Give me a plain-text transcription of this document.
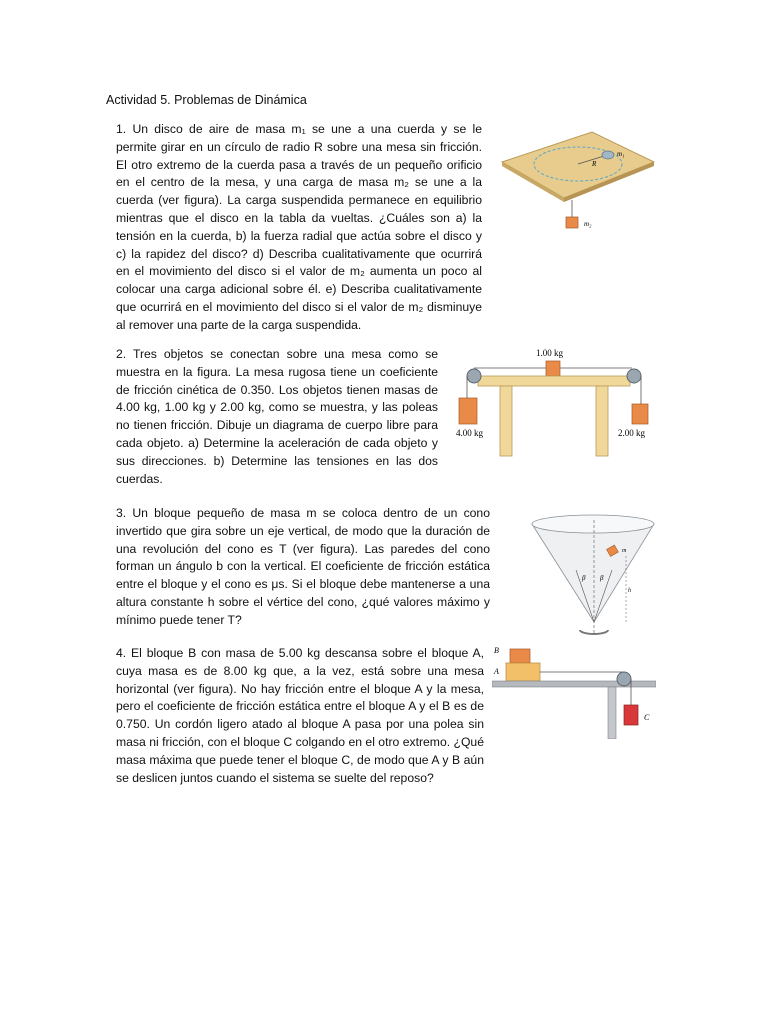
Actividad 5. Problemas de Dinámica

1. Un disco de aire de masa m₁ se une a una cuerda y se le permite girar en un círculo de radio R sobre una mesa sin fricción. El otro extremo de la cuerda pasa a través de un pequeño orificio en el centro de la mesa, y una carga de masa m₂ se une a la cuerda (ver figura). La carga suspendida permanece en equilibrio mientras que el disco en la tabla da vueltas. ¿Cuáles son a) la tensión en la cuerda, b) la fuerza radial que actúa sobre el disco y c) la rapidez del disco? d) Describa cualitativamente que ocurrirá en el movimiento del disco si el valor de m₂ aumenta un poco al colocar una carga adicional sobre él. e) Describa cualitativamente que ocurrirá en el movimiento del disco si el valor de m₂ disminuye al remover una parte de la carga suspendida.

2. Tres objetos se conectan sobre una mesa como se muestra en la figura. La mesa rugosa tiene un coeficiente de fricción cinética de 0.350. Los objetos tienen masas de 4.00 kg, 1.00 kg y 2.00 kg, como se muestra, y las poleas no tienen fricción. Dibuje un diagrama de cuerpo libre para cada objeto. a) Determine la aceleración de cada objeto y sus direcciones. b) Determine las tensiones en las dos cuerdas.

3. Un bloque pequeño de masa m se coloca dentro de un cono invertido que gira sobre un eje vertical, de modo que la duración de una revolución del cono es T (ver figura). Las paredes del cono forman un ángulo b con la vertical. El coeficiente de fricción estática entre el bloque y el cono es μs. Si el bloque debe mantenerse a una altura constante h sobre el vértice del cono, ¿qué valores máximo y mínimo puede tener T?

4. El bloque B con masa de 5.00 kg descansa sobre el bloque A, cuya masa es de 8.00 kg que, a la vez, está sobre una mesa horizontal (ver figura). No hay fricción entre el bloque A y la mesa, pero el coeficiente de fricción estática entre el bloque A y el B es de 0.750. Un cordón ligero atado al bloque A pasa por una polea sin masa ni fricción, con el bloque C colgando en el otro extremo. ¿Qué masa máxima que puede tener el bloque C, de modo que A y B aún se deslicen juntos cuando el sistema se suelte del reposo?

m₁
R
m₂
1.00 kg
4.00 kg	2.00 kg
β β
m
h
B
A
C
